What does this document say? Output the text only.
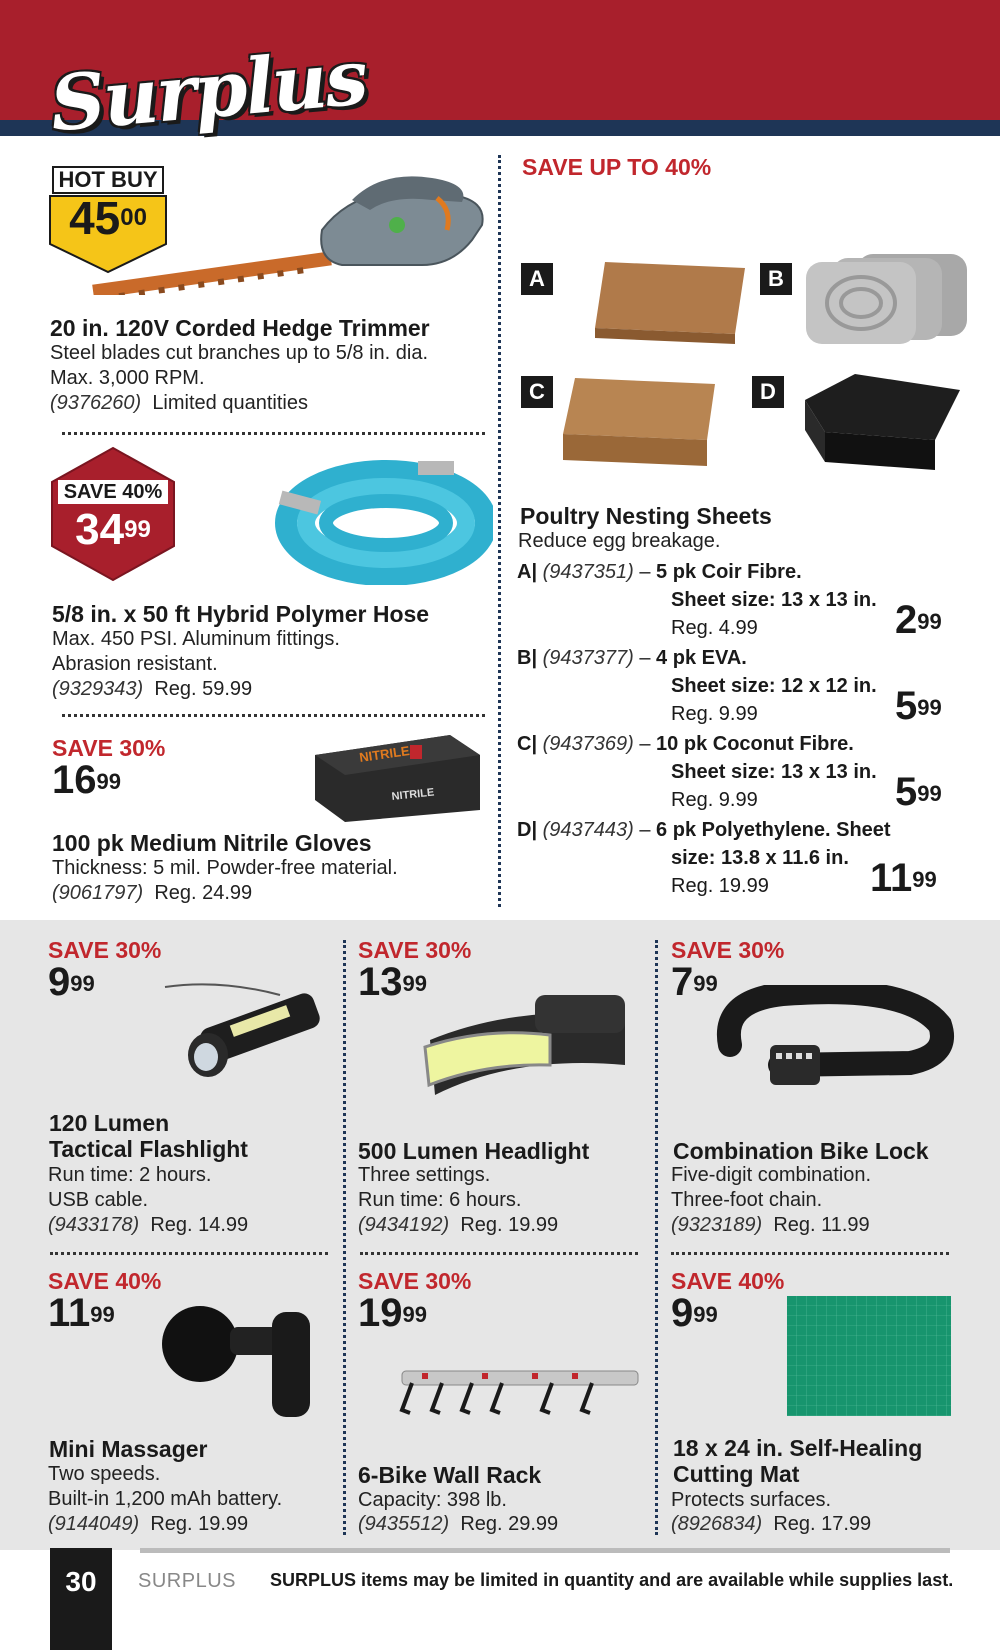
Surplus
HOT BUY
$45^{00}$
20 in. 120V Corded Hedge Trimmer
Steel blades cut branches up to 5/8 in. dia.
Max. 3,000 RPM.
(9376260) Limited quantities
SAVE 40%
$34^{99}$
5/8 in. x 50 ft Hybrid Polymer Hose
Max. 450 PSI. Aluminum fittings.
Abrasion resistant.
(9329343) Reg. 59.99
SAVE 30%
$16^{99}$
NITRILE
NITRILE
100 pk Medium Nitrile Gloves
Thickness: 5 mil. Powder-free material.
(9061797) Reg. 24.99
SAVE UP TO 40%
A	B
C	D
Poultry Nesting Sheets
Reduce egg breakage.
A| (9437351) – 5 pk Coir Fibre.
Sheet size: 13 x 13 in.
Reg. 4.99	$2^{99}$
B| (9437377) – 4 pk EVA.
Sheet size: 12 x 12 in.
Reg. 9.99	$5^{99}$
C| (9437369) – 10 pk Coconut Fibre.
Sheet size: 13 x 13 in.
Reg. 9.99	$5^{99}$
D| (9437443) – 6 pk Polyethylene. Sheet
size: 13.8 x 11.6 in.
Reg. 19.99	$11^{99}$
SAVE 30%
$9^{99}$
120 Lumen
Tactical Flashlight
Run time: 2 hours.
USB cable.
(9433178) Reg. 14.99
SAVE 30%
$13^{99}$
500 Lumen Headlight
Three settings.
Run time: 6 hours.
(9434192) Reg. 19.99
SAVE 30%
$7^{99}$
Combination Bike Lock
Five-digit combination.
Three-foot chain.
(9323189) Reg. 11.99
SAVE 40%
$11^{99}$
Mini Massager
Two speeds.
Built-in 1,200 mAh battery.
(9144049) Reg. 19.99
SAVE 30%
$19^{99}$
6-Bike Wall Rack
Capacity: 398 lb.
(9435512) Reg. 29.99
SAVE 40%
$9^{99}$
18 x 24 in. Self-Healing
Cutting Mat
Protects surfaces.
(8926834) Reg. 17.99
30	SURPLUS SURPLUS items may be limited in quantity and are available while supplies last.
